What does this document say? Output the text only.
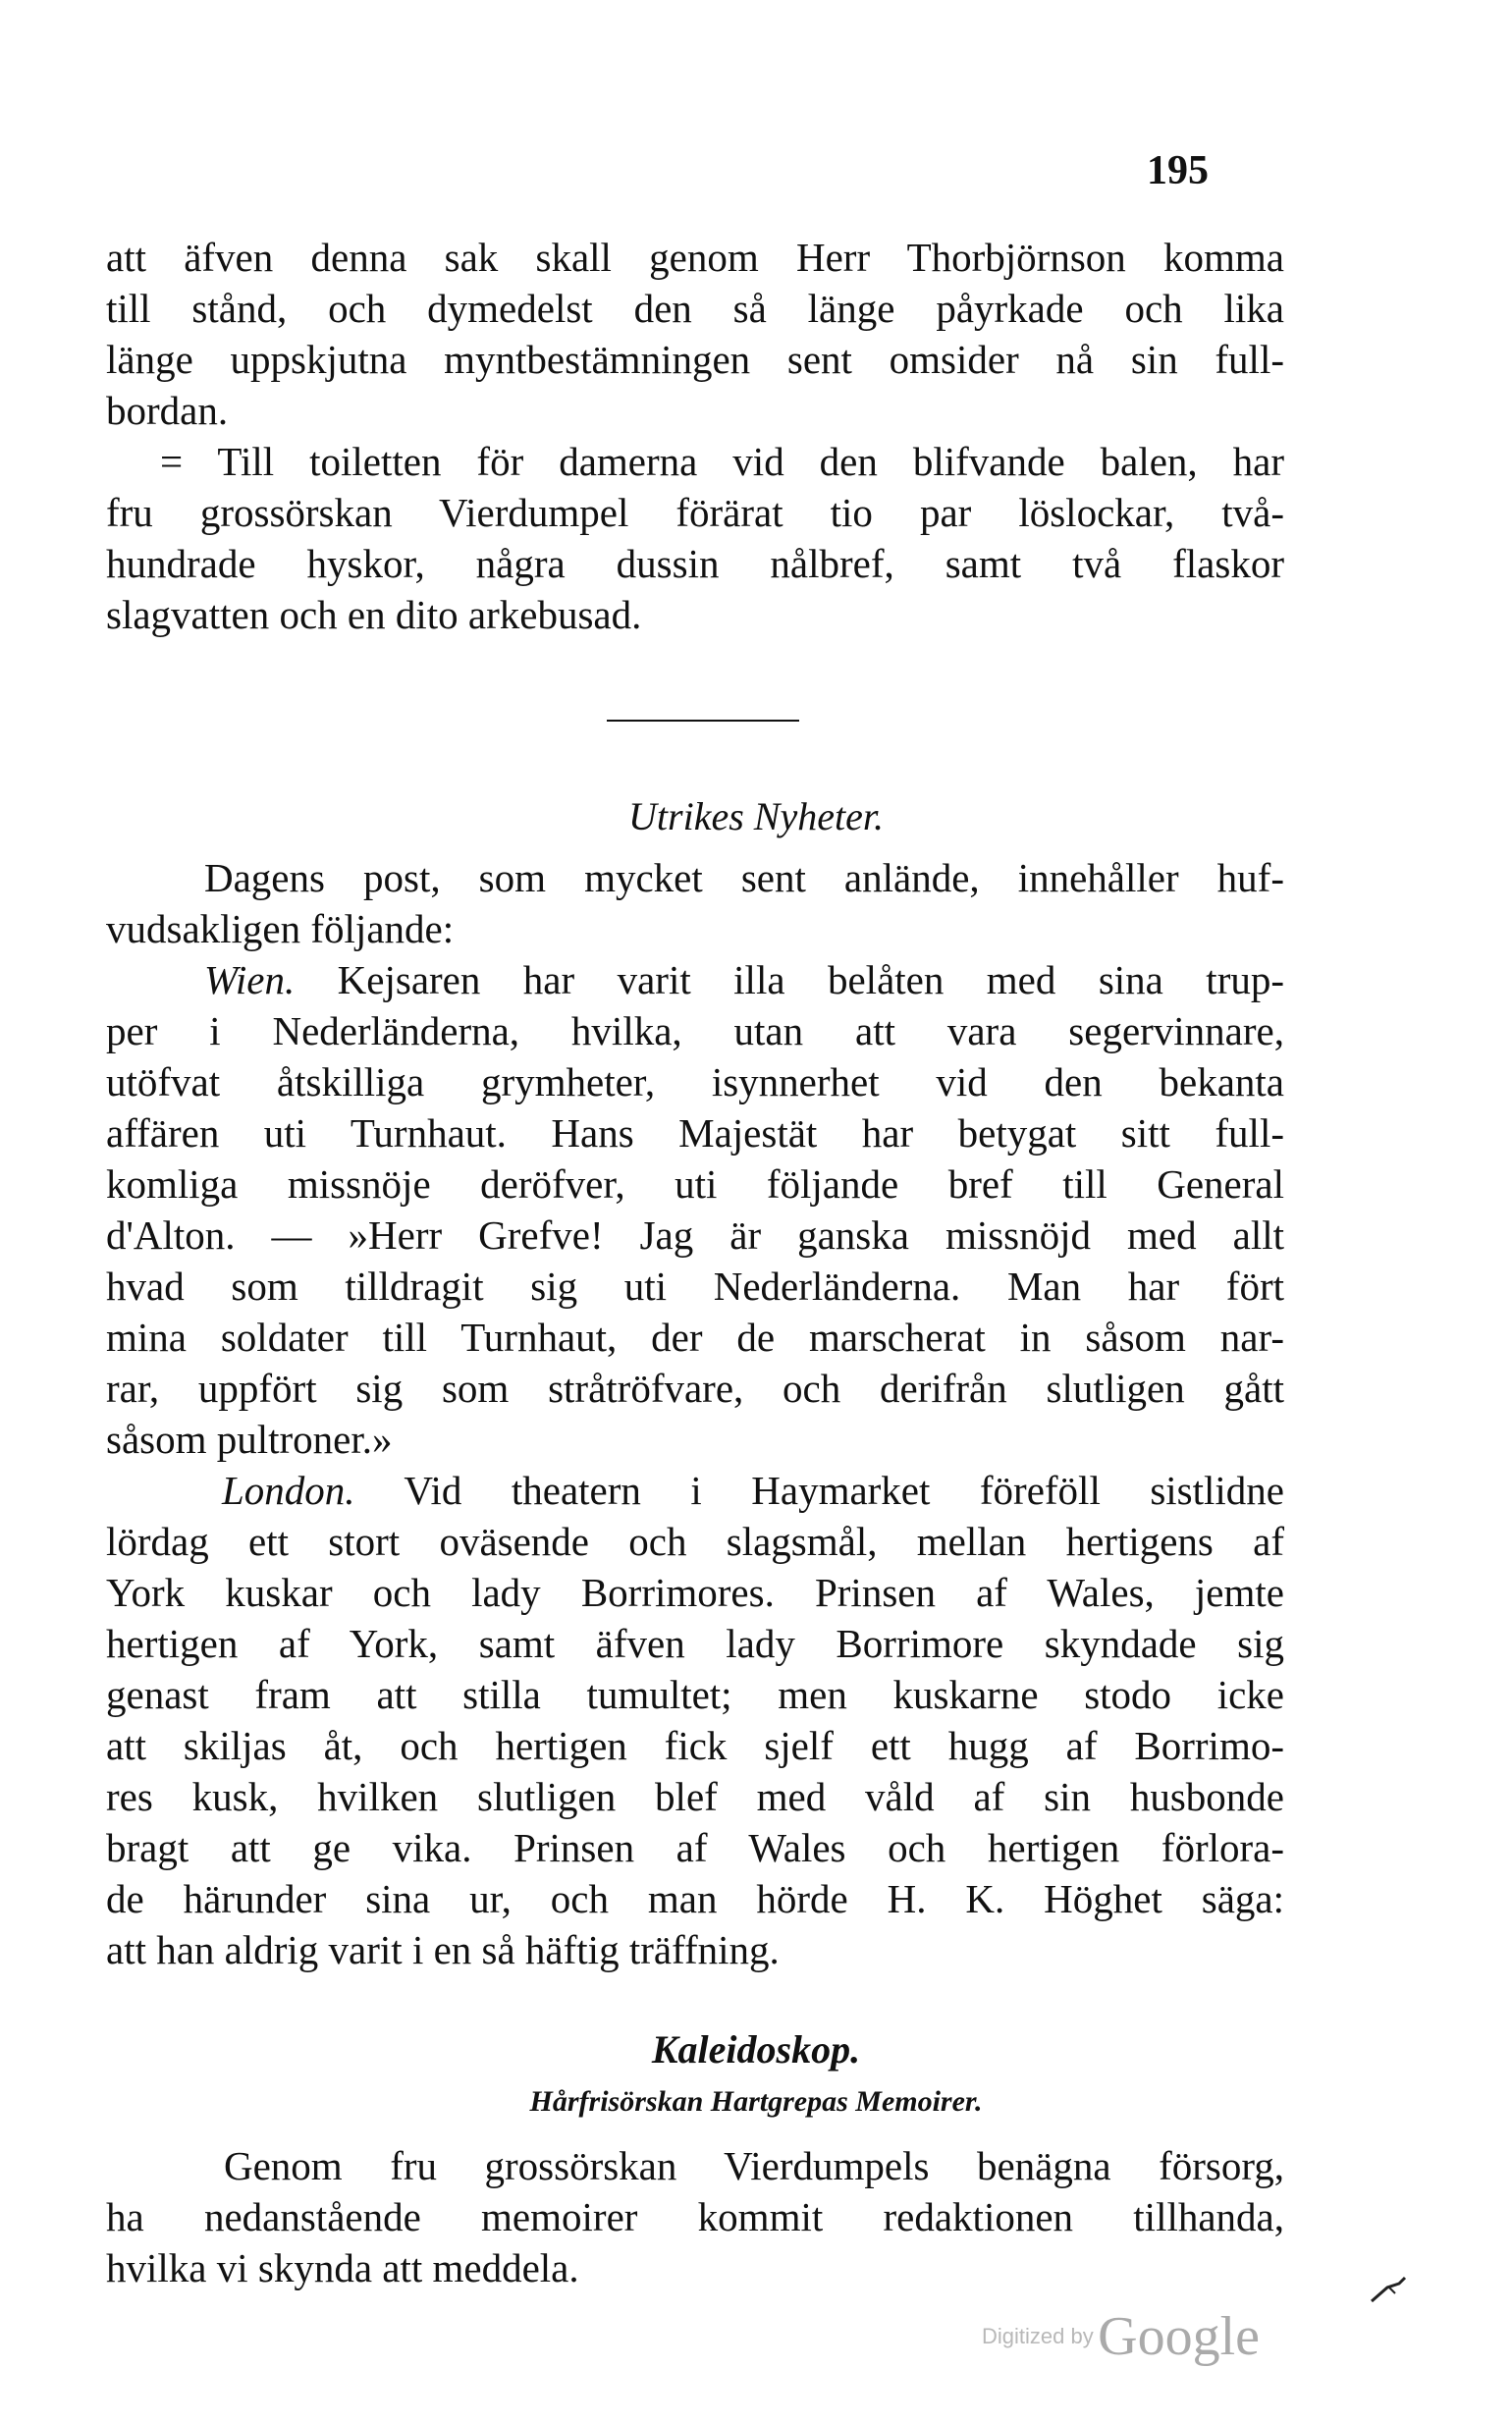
195
att äfven denna sak skall genom Herr Thorbjörnson komma
till stånd, och dymedelst den så länge påyrkade och lika
länge uppskjutna myntbestämningen sent omsider nå sin full-
bordan.
= Till toiletten för damerna vid den blifvande balen, har
fru grossörskan Vierdumpel förärat tio par löslockar, två-
hundrade hyskor, några dussin nålbref, samt två flaskor
slagvatten och en dito arkebusad.
Utrikes Nyheter.
Dagens post, som mycket sent anlände, innehåller huf-
vudsakligen följande:
Wien. Kejsaren har varit illa belåten med sina trup-
per i Nederländerna, hvilka, utan att vara segervinnare,
utöfvat åtskilliga grymheter, isynnerhet vid den bekanta
affären uti Turnhaut. Hans Majestät har betygat sitt full-
komliga missnöje deröfver, uti följande bref till General
d'Alton. — »Herr Grefve! Jag är ganska missnöjd med allt
hvad som tilldragit sig uti Nederländerna. Man har fört
mina soldater till Turnhaut, der de marscherat in såsom nar-
rar, uppfört sig som stråtröfvare, och derifrån slutligen gått
såsom pultroner.»
London. Vid theatern i Haymarket föreföll sistlidne
lördag ett stort oväsende och slagsmål, mellan hertigens af
York kuskar och lady Borrimores. Prinsen af Wales, jemte
hertigen af York, samt äfven lady Borrimore skyndade sig
genast fram att stilla tumultet; men kuskarne stodo icke
att skiljas åt, och hertigen fick sjelf ett hugg af Borrimo-
res kusk, hvilken slutligen blef med våld af sin husbonde
bragt att ge vika. Prinsen af Wales och hertigen förlora-
de härunder sina ur, och man hörde H. K. Höghet säga:
att han aldrig varit i en så häftig träffning.
Kaleidoskop.
Hårfrisörskan Hartgrepas Memoirer.
Genom fru grossörskan Vierdumpels benägna försorg,
ha nedanstående memoirer kommit redaktionen tillhanda,
hvilka vi skynda att meddela.
Digitized by Google
